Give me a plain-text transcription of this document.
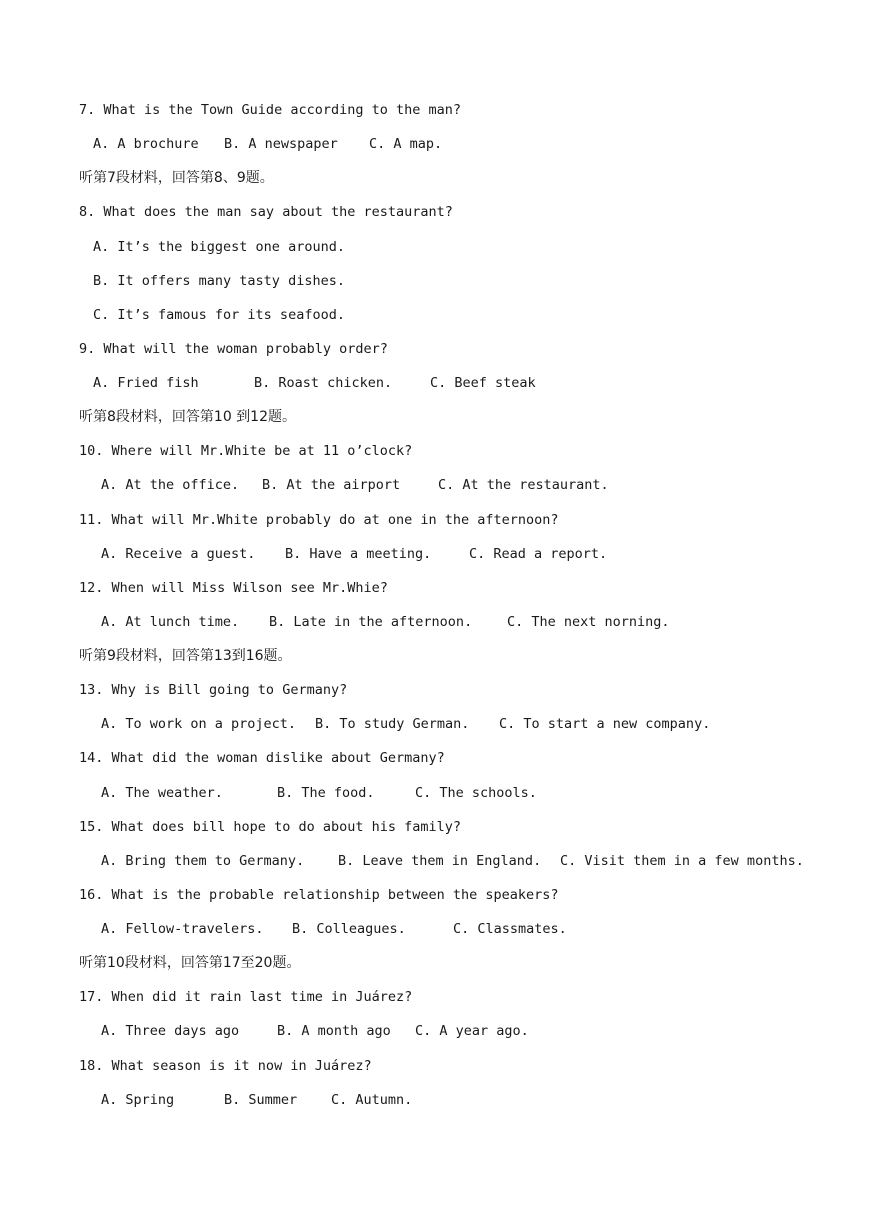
7. What is the Town Guide according to the man?
A. A brochure B. A newspaper C. A map.
听第7段材料，回答第8、9题。
8. What does the man say about the restaurant?
A. It’s the biggest one around.
B. It offers many tasty dishes.
C. It’s famous for its seafood.
9. What will the woman probably order?
A. Fried fish	B. Roast chicken.	C. Beef steak
听第8段材料，回答第10 到12题。
10. Where will Mr.White be at 11 o’clock?
A. At the office. B. At the airport	C. At the restaurant.
11. What will Mr.White probably do at one in the afternoon?
A. Receive a guest. B. Have a meeting.	C. Read a report.
12. When will Miss Wilson see Mr.Whie?
A. At lunch time. B. Late in the afternoon.	C. The next norning.
听第9段材料，回答第13到16题。
13. Why is Bill going to Germany?
A. To work on a project. B. To study German. C. To start a new company.
14. What did the woman dislike about Germany?
A. The weather.	B. The food.	C. The schools.
15. What does bill hope to do about his family?
A. Bring them to Germany.	B. Leave them in England. C. Visit them in a few months.
16. What is the probable relationship between the speakers?
A. Fellow-travelers. B. Colleagues.	C. Classmates.
听第10段材料，回答第17至20题。
17. When did it rain last time in Juárez?
A. Three days ago	B. A month ago C. A year ago.
18. What season is it now in Juárez?
A. Spring	B. Summer	C. Autumn.
